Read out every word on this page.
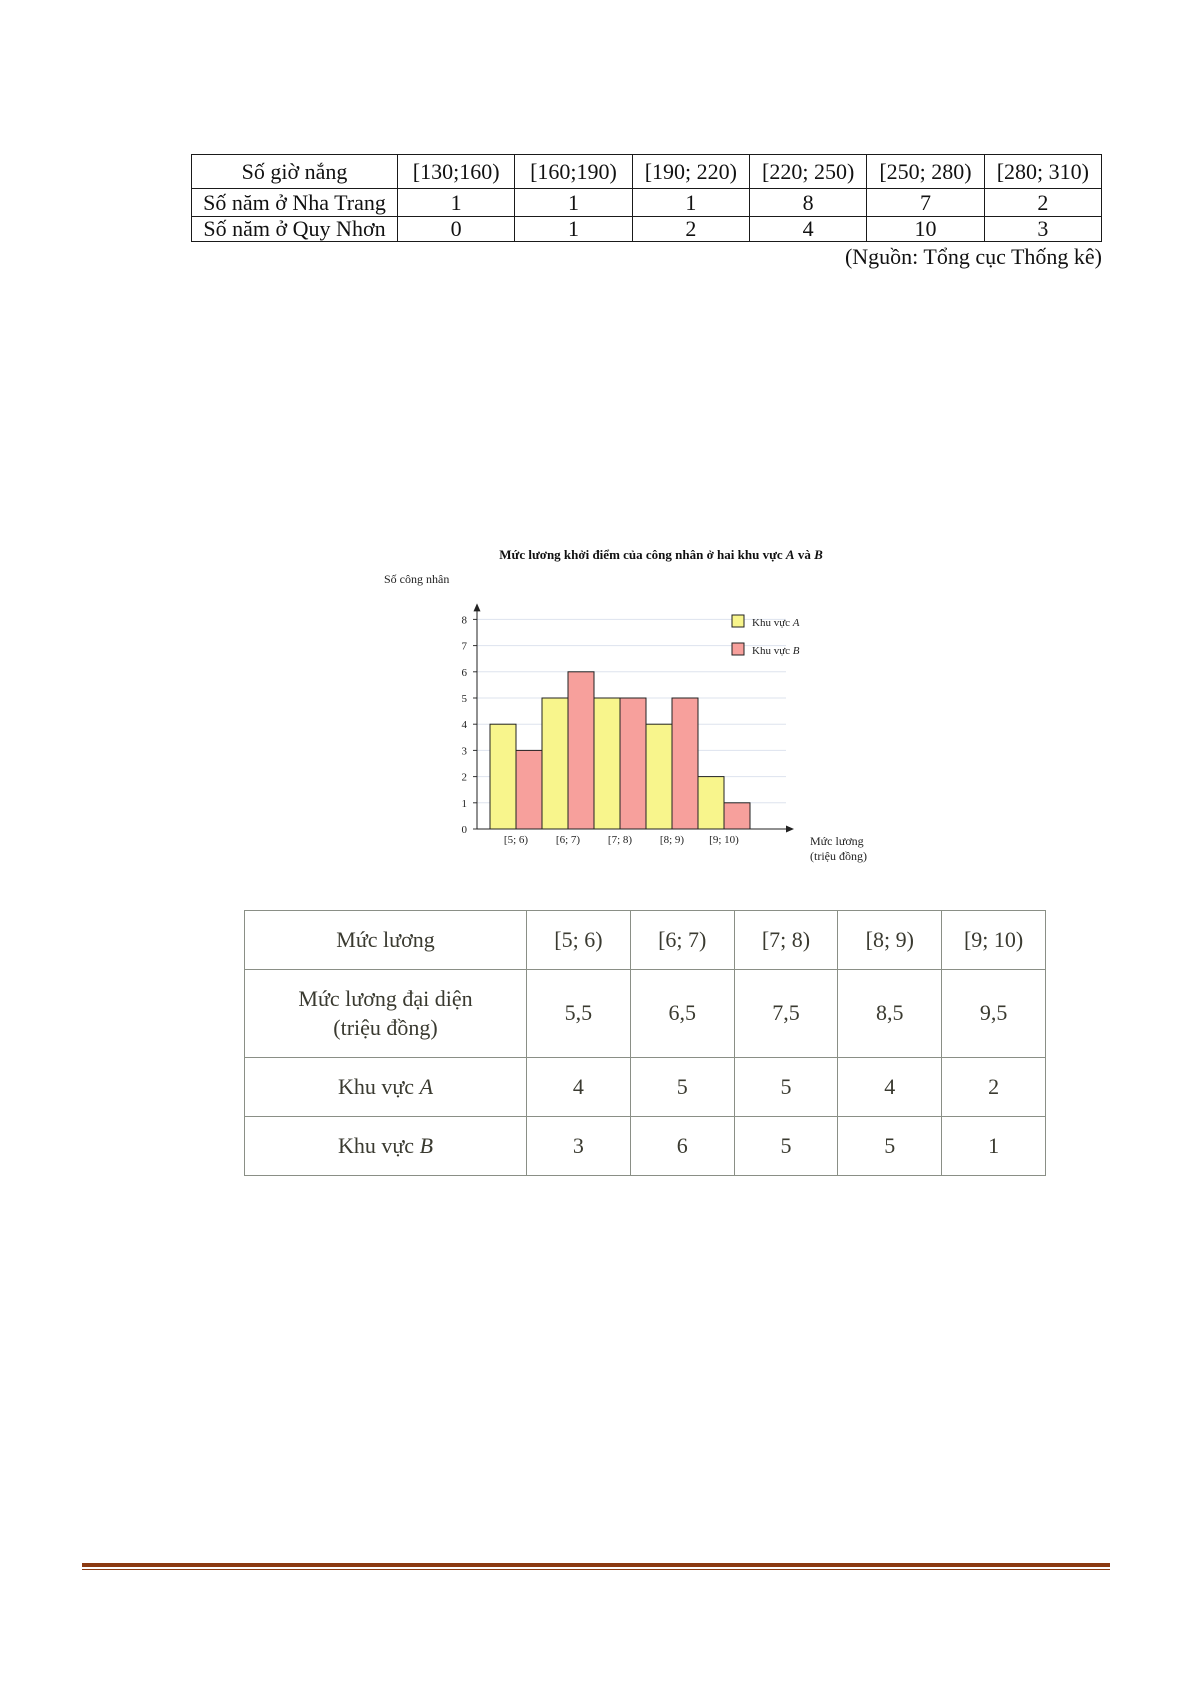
Số giờ nắng	[130;160)	[160;190)	[190; 220)	[220; 250)	[250; 280)	[280; 310)
Số năm ở Nha Trang	1	1	1	8	7	2
Số năm ở Quy Nhơn	0	1	2	4	10	3
(Nguồn: Tổng cục Thống kê)
Mức lương khởi điểm của công nhân ở hai khu vực A và B
Số công nhân
Mức lương
(triệu đồng)
0
1
2
3
4
5
6
7
8
[5; 6)	[6; 7)	[7; 8)	[8; 9) [9; 10)
Khu vực A
Khu vực B
Mức lương	[5; 6)	[6; 7)	[7; 8)	[8; 9)	[9; 10)
Mức lương đại diện
(triệu đồng)	5,5	6,5	7,5	8,5	9,5
Khu vực A	4	5	5	4	2
Khu vực B	3	6	5	5	1
